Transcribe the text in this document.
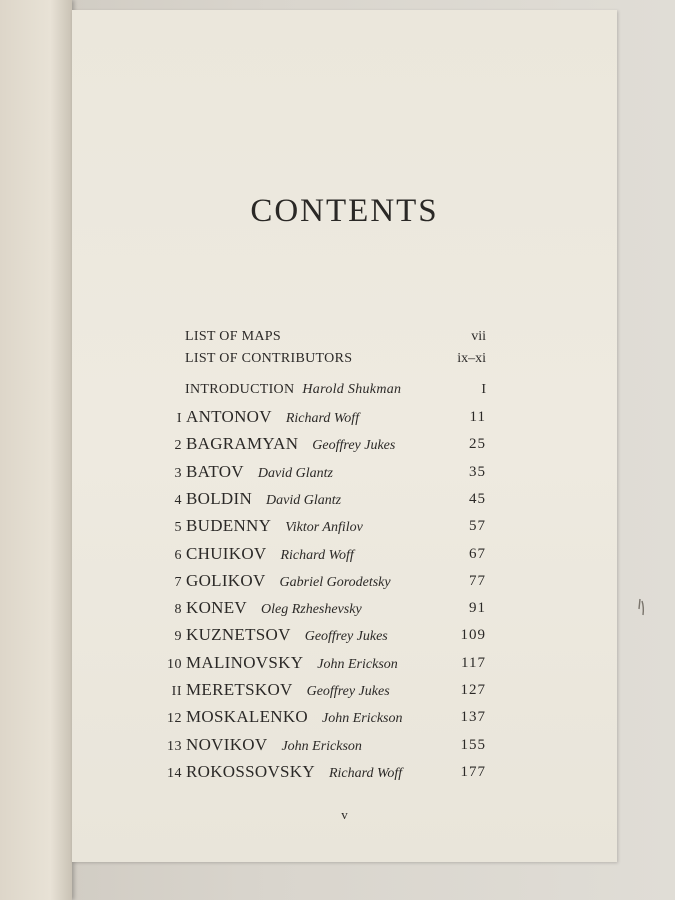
CONTENTS
LIST OF MAPS	vii
LIST OF CONTRIBUTORS	ix–xi
INTRODUCTION Harold Shukman	I
I ANTONOV Richard Woff	11
2 BAGRAMYAN Geoffrey Jukes	25
3 BATOV David Glantz	35
4 BOLDIN David Glantz	45
5 BUDENNY Viktor Anfilov	57
6 CHUIKOV Richard Woff	67
7 GOLIKOV Gabriel Gorodetsky	77
8 KONEV Oleg Rzheshevsky	91
9 KUZNETSOV Geoffrey Jukes	109
10 MALINOVSKY John Erickson	117
II MERETSKOV Geoffrey Jukes	127
12 MOSKALENKO John Erickson	137
13 NOVIKOV John Erickson	155
14 ROKOSSOVSKY Richard Woff	177
v
